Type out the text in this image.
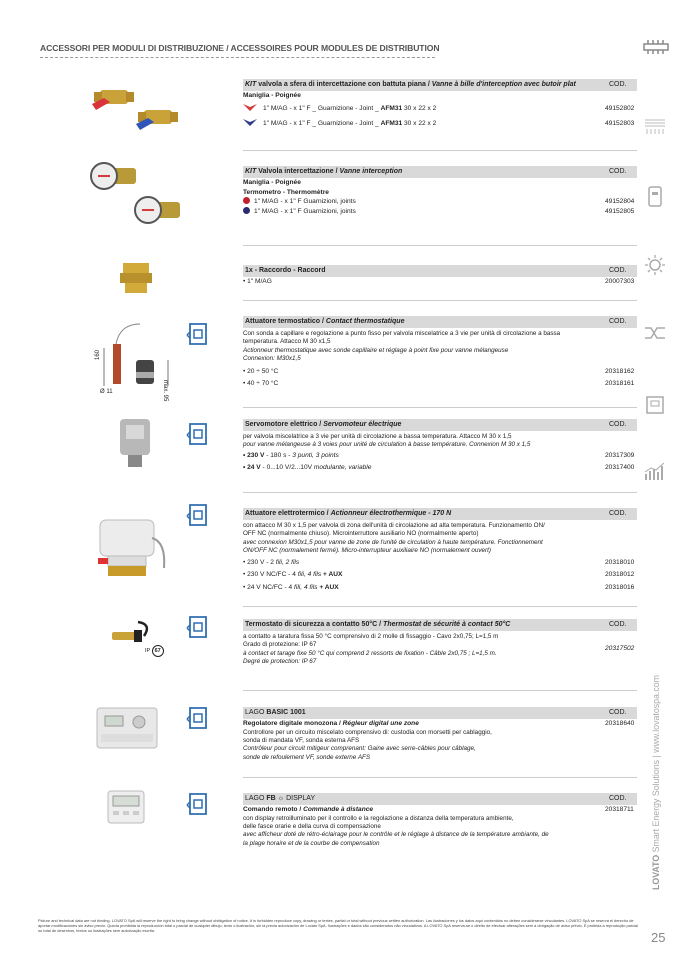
ACCESSORI PER MODULI DI DISTRIBUZIONE / ACCESSOIRES POUR MODULES DE DISTRIBUTION
LOVATO Smart Energy Solutions | www.lovatospa.com
KIT valvola a sfera di intercettazione con battuta piana / Vanne à bille d'interception avec butoir plat	COD.
Maniglia - Poignée
1" M/AG - x 1" F _ Guarnizione - Joint _ AFM31 30 x 22 x 2	49152802
1" M/AG - x 1" F _ Guarnizione - Joint _ AFM31 30 x 22 x 2	49152803
KIT Valvola intercettazione / Vanne interception	COD.
Maniglia - Poignée
Termometro - Thermomètre
1" M/AG - x 1" F Guarnizioni, joints	49152804
1" M/AG - x 1" F Guarnizioni, joints	49152805
1x - Raccordo - Raccord	COD.
• 1" M/AG	20007303
160
Ø 11	max. 95
Attuatore termostatico / Contact thermostatique	COD.
Con sonda a capillare e regolazione a punto fisso per valvola miscelatrice a 3 vie per unità di circolazione a bassa
temperatura. Attacco M 30 x1,5
Actionneur thermostatique avec sonde capillaire et réglage à point fixe pour vanne mélangeuse
Connexion: M30x1,5
• 20 ÷ 50 °C	20318162
• 40 ÷ 70 °C	20318161
Servomotore elettrico / Servomoteur électrique	COD.
per valvola miscelatrice a 3 vie per unità di circolazione a bassa temperatura. Attacco M 30 x 1,5
pour vanne mélangeuse à 3 voies pour unité de circulation à basse température. Connexion M 30 x 1,5
• 230 V - 180 s - 3 punti, 3 points	20317309
• 24 V - 0...10 V/2...10V modulante, variable	20317400
Attuatore elettrotermico / Actionneur électrothermique - 170 N	COD.
con attacco M 30 x 1,5 per valvola di zona dell'unità di circolazione ad alta temperatura. Funzionamento ON/
OFF NC (normalmente chiuso). Microinterruttore ausiliario NO (normalmente aperto)
avec connexion M30x1,5 pour vanne de zone de l'unité de circulation à haute température. Fonctionnement
ON/OFF NC (normalement fermé). Micro-interrupteur auxiliaire NO (normalement ouvert)
• 230 V - 2 fili, 2 fils	20318010
• 230 V NC/FC - 4 fili, 4 fils + AUX	20318012
• 24 V NC/FC - 4 fili, 4 fils + AUX	20318016
IP 67
Termostato di sicurezza a contatto 50°C / Thermostat de sécurité à contact 50°C	COD.
a contatto a taratura fissa 50 °C comprensivo di 2 molle di fissaggio - Cavo 2x0,75; L=1,5 m
Grado di protezione: IP 67
à contact et tarage fixe 50 °C qui comprend 2 ressorts de fixation - Câble 2x0,75 ; L=1,5 m.
Degré de protection: IP 67
20317502
LAGO BASIC 1001	COD.
Regolatore digitale monozona / Régleur digital une zone	20318640
Controllore per un circuito miscelato comprensivo di: custodia con morsetti per cablaggio,
sonda di mandata VF, sonda esterna AFS
Contrôleur pour circuit mitigeur comprenant: Gaine avec serre-câbles pour câblage,
sonde de refoulement VF, sonde externe AFS
LAGO FB ☼ DISPLAY	COD.
Comando remoto / Commande à distance	20318711
con display retroilluminato per il controllo e la regolazione a distanza della temperatura ambiente,
delle fasce orarie e della curva di compensazione
avec afficheur doté de rétro-éclairage pour le contrôle et le réglage à distance de la température ambiante, de
la plage horaire et de la courbe de compensation
Picture and technical data are not binding. LOVATO SpA will reserve the right to bring change without obbligation of notice. It is forbidden reproduce copy, drawing or textes, partial or total without previous written authorization. Las ilustraciones y los datos aquí contenidos no deben considerarse vinculantes. LOVATO SpA se reserva el derecho de aportar modificaciones sin aviso previo. Queda prohibida la reproducción total o parcial de cualquier dibujo, texto o ilustración, sin la previa autorización de Lovato SpA. Ilustrações e dados são considerados não vinculativos. A LOVATO SpA reserva-se o direito de efectuar alterações sem a obrigação de aviso prévio. É proibida a reprodução parcial ou total de desenhos, textos ou ilustrações sem autorização escrita.	25
